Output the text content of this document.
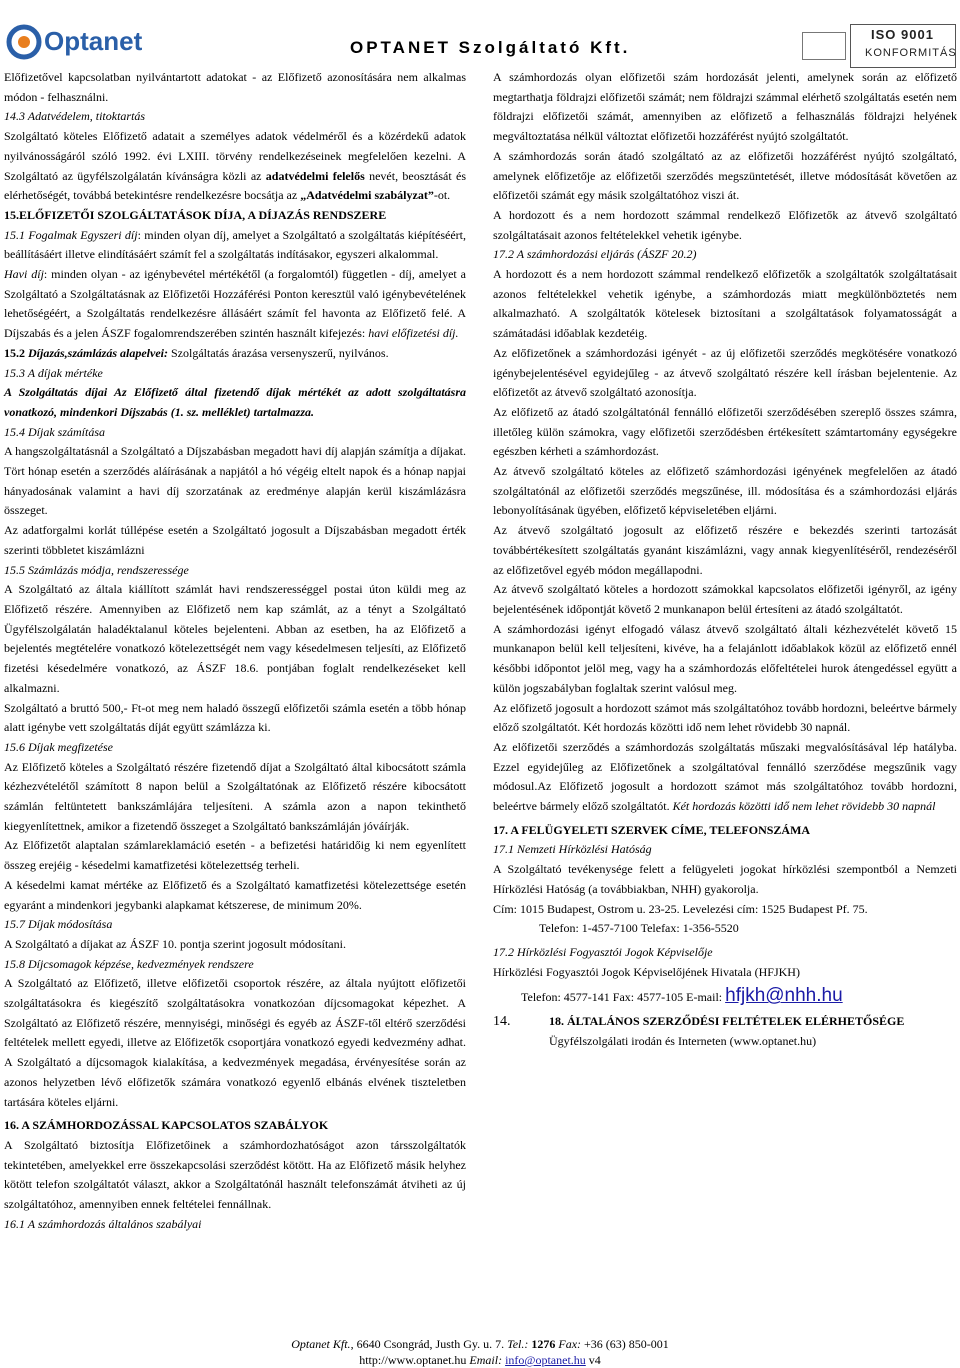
Optanet	OPTANET Szolgáltató Kft.
ISO 9001
KONFORMITÁS

Előfizetővel kapcsolatban nyilvántartott adatokat - az Előfizető azonosítására nem alkalmas módon - felhasználni.

14.3 Adatvédelem, titoktartás

Szolgáltató köteles Előfizető adatait a személyes adatok védelméről és a közérdekű adatok nyilvánosságáról szóló 1992. évi LXIII. törvény rendelkezéseinek megfelelően kezelni. A Szolgáltató az ügyfélszolgálatán kívánságra közli az adatvédelmi felelős nevét, beosztását és elérhetőségét, továbbá betekintésre rendelkezésre bocsátja az „Adatvédelmi szabályzat”-ot.

15.ELŐFIZETŐI SZOLGÁLTATÁSOK DÍJA, A DÍJAZÁS RENDSZERE

15.1 Fogalmak Egyszeri díj: minden olyan díj, amelyet a Szolgáltató a szolgáltatás kiépítéséért, beállításáért illetve elindításáért számít fel a szolgáltatás indításakor, egyszeri alkalommal.

Havi díj: minden olyan - az igénybevétel mértékétől (a forgalomtól) független - díj, amelyet a Szolgáltató a Szolgáltatásnak az Előfizetői Hozzáférési Ponton keresztül való igénybevételének lehetőségéért, a Szolgáltatás rendelkezésre állásáért számít fel havonta az Előfizető felé. A Díjszabás és a jelen ÁSZF fogalomrendszerében szintén használt kifejezés: havi előfizetési díj.

15.2 Díjazás,számlázás alapelvei: Szolgáltatás árazása versenyszerű, nyilvános.

15.3 A díjak mértéke

A Szolgáltatás díjai Az Előfizető által fizetendő díjak mértékét az adott szolgáltatásra vonatkozó, mindenkori Díjszabás (1. sz. melléklet) tartalmazza.

15.4 Díjak számítása

A hangszolgáltatásnál a Szolgáltató a Díjszabásban megadott havi díj alapján számítja a díjakat. Tört hónap esetén a szerződés aláírásának a napjától a hó végéig eltelt napok és a hónap napjai hányadosának valamint a havi díj szorzatának az eredménye alapján kerül kiszámlázásra összeget.

Az adatforgalmi korlát túllépése esetén a Szolgáltató jogosult a Díjszabásban megadott érték szerinti többletet kiszámlázni

15.5 Számlázás módja, rendszeressége

A Szolgáltató az általa kiállított számlát havi rendszerességgel postai úton küldi meg az Előfizető részére. Amennyiben az Előfizető nem kap számlát, az a tényt a Szolgáltató Ügyfélszolgálatán haladéktalanul köteles bejelenteni. Abban az esetben, ha az Előfizető a bejelentés megtételére vonatkozó kötelezettségét nem vagy késedelmesen teljesíti, az Előfizető fizetési késedelmére vonatkozó, az ÁSZF 18.6. pontjában foglalt rendelkezéseket kell alkalmazni.

Szolgáltató a bruttó 500,- Ft-ot meg nem haladó összegű előfizetői számla esetén a több hónap alatt igénybe vett szolgáltatás díját együtt számlázza ki.

15.6 Díjak megfizetése

Az Előfizető köteles a Szolgáltató részére fizetendő díjat a Szolgáltató által kibocsátott számla kézhezvételétől számított 8 napon belül a Szolgáltatónak az Előfizető részére kibocsátott számlán feltüntetett bankszámlájára teljesíteni. A számla azon a napon tekinthető kiegyenlítettnek, amikor a fizetendő összeget a Szolgáltató bankszámláján jóváírják.

Az Előfizetőt alaptalan számlareklamáció esetén - a befizetési határidőig ki nem egyenlített összeg erejéig - késedelmi kamatfizetési kötelezettség terheli.

A késedelmi kamat mértéke az Előfizető és a Szolgáltató kamatfizetési kötelezettsége esetén egyaránt a mindenkori jegybanki alapkamat kétszerese, de minimum 20%.

15.7 Díjak módosítása

A Szolgáltató a díjakat az ÁSZF 10. pontja szerint jogosult módosítani.

15.8 Díjcsomagok képzése, kedvezmények rendszere

A Szolgáltató az Előfizető, illetve előfizetői csoportok részére, az általa nyújtott előfizetői szolgáltatásokra és kiegészítő szolgáltatásokra vonatkozóan díjcsomagokat képezhet. A Szolgáltató az Előfizető részére, mennyiségi, minőségi és egyéb az ÁSZF-től eltérő szerződési feltételek mellett egyedi, illetve az Előfizetők csoportjára vonatkozó egyedi kedvezmény adhat. A Szolgáltató a díjcsomagok kialakítása, a kedvezmények megadása, érvényesítése során az azonos helyzetben lévő előfizetők számára vonatkozó egyenlő elbánás elvének tiszteletben tartására köteles eljárni.

16. A SZÁMHORDOZÁSSAL KAPCSOLATOS SZABÁLYOK

A Szolgáltató biztosítja Előfizetőinek a számhordozhatóságot azon társszolgáltatók tekintetében, amelyekkel erre összekapcsolási szerződést kötött. Ha az Előfizető másik helyhez kötött telefon szolgáltatót választ, akkor a Szolgáltatónál használt telefonszámát átviheti az új szolgáltatóhoz, amennyiben ennek feltételei fennállnak.

16.1 A számhordozás általános szabályai

A számhordozás olyan előfizetői szám hordozását jelenti, amelynek során az előfizető megtarthatja földrajzi előfizetői számát; nem földrajzi számmal elérhető szolgáltatás esetén nem földrajzi előfizetői számát, amennyiben az előfizető a felhasználás földrajzi helyének megváltoztatása nélkül változtat előfizetői hozzáférést nyújtó szolgáltatót.

A számhordozás során átadó szolgáltató az az előfizetői hozzáférést nyújtó szolgáltató, amelynek előfizetője az előfizetői szerződés megszüntetését, illetve módosítását követően az előfizetői számát egy másik szolgáltatóhoz viszi át.

A hordozott és a nem hordozott számmal rendelkező Előfizetők az átvevő szolgáltató szolgáltatásait azonos feltételekkel vehetik igénybe.

17.2 A számhordozási eljárás (ÁSZF 20.2)

A hordozott és a nem hordozott számmal rendelkező előfizetők a szolgáltatók szolgáltatásait azonos feltételekkel vehetik igénybe, a számhordozás miatt megkülönböztetés nem alkalmazható. A szolgáltatók kötelesek biztosítani a szolgáltatások folyamatosságát a számátadási időablak kezdetéig.

Az előfizetőnek a számhordozási igényét - az új előfizetői szerződés megkötésére vonatkozó igénybejelentésével egyidejűleg - az átvevő szolgáltató részére kell írásban bejelentenie. Az előfizetőt az átvevő szolgáltató azonosítja.

Az előfizető az átadó szolgáltatónál fennálló előfizetői szerződésében szereplő összes számra, illetőleg külön számokra, vagy előfizetői szerződésben értékesített számtartomány egységekre egészben kérheti a számhordozást.

Az átvevő szolgáltató köteles az előfizető számhordozási igényének megfelelően az átadó szolgáltatónál az előfizetői szerződés megszűnése, ill. módosítása és a számhordozási eljárás lebonyolításának ügyében, előfizető képviseletében eljárni.

Az átvevő szolgáltató jogosult az előfizető részére e bekezdés szerinti tartozását továbbértékesített szolgáltatás gyanánt kiszámlázni, vagy annak kiegyenlítéséről, rendezéséről az előfizetővel egyéb módon megállapodni.

Az átvevő szolgáltató köteles a hordozott számokkal kapcsolatos előfizetői igényről, az igény bejelentésének időpontját követő 2 munkanapon belül értesíteni az átadó szolgáltatót.

A számhordozási igényt elfogadó válasz átvevő szolgáltató általi kézhezvételét követő 15 munkanapon belül kell teljesíteni, kivéve, ha a felajánlott időablakok közül az előfizető ennél későbbi időpontot jelöl meg, vagy ha a számhordozás előfeltételei hurok átengedéssel együtt a külön jogszabályban foglaltak szerint valósul meg.

Az előfizető jogosult a hordozott számot más szolgáltatóhoz tovább hordozni, beleértve bármely előző szolgáltatót. Két hordozás közötti idő nem lehet rövidebb 30 napnál.

Az előfizetői szerződés a számhordozás szolgáltatás műszaki megvalósításával lép hatályba. Ezzel egyidejűleg az Előfizetőnek a szolgáltatóval fennálló szerződése megszűnik vagy módosul.Az Előfizető jogosult a hordozott számot más szolgáltatóhoz tovább hordozni, beleértve bármely előző szolgáltatót. Két hordozás közötti idő nem lehet rövidebb 30 napnál

17. A FELÜGYELETI SZERVEK CÍME, TELEFONSZÁMA

17.1 Nemzeti Hírközlési Hatóság

A Szolgáltató tevékenysége felett a felügyeleti jogokat hírközlési szempontból a Nemzeti Hírközlési Hatóság (a továbbiakban, NHH) gyakorolja.

Cím: 1015 Budapest, Ostrom u. 23-25. Levelezési cím: 1525 Budapest Pf. 75.

Telefon: 1-457-7100 Telefax: 1-356-5520

17.2 Hírközlési Fogyasztói Jogok Képviselője

Hírközlési Fogyasztói Jogok Képviselőjének Hivatala (HFJKH)

Telefon: 4577-141 Fax: 4577-105 E-mail: hfjkh@nhh.hu

14.	18. ÁLTALÁNOS SZERZŐDÉSI FELTÉTELEK ELÉRHETŐSÉGE

Ügyfélszolgálati irodán és Interneten (www.optanet.hu)

Optanet Kft., 6640 Csongrád, Justh Gy. u. 7. Tel.: 1276 Fax: +36 (63) 850-001
http://www.optanet.hu Email: info@optanet.hu v4
